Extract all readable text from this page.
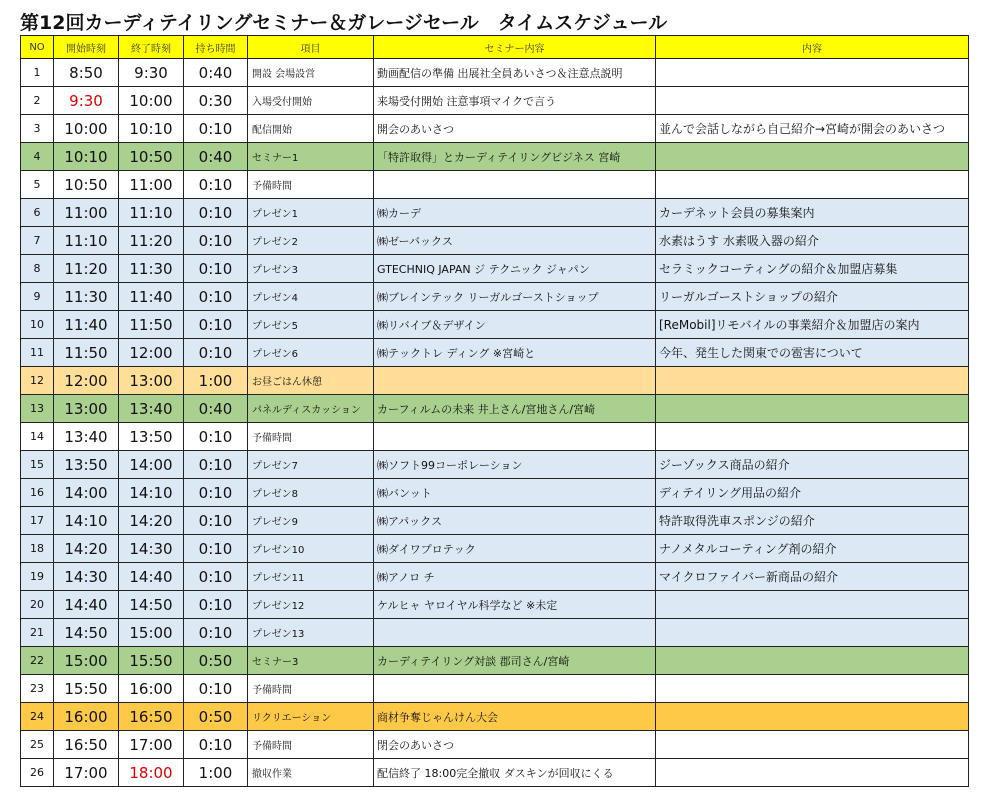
第12回カーディテイリングセミナー＆ガレージセール　タイムスケジュール
NO	開始時刻	終了時刻	持ち時間	項目	セミナー内容	内容
1	8:50	9:30	0:40	開設 会場設営	動画配信の準備 出展社全員あいさつ＆注意点説明	
2	9:30	10:00	0:30	入場受付開始	来場受付開始 注意事項マイクで言う	
3	10:00	10:10	0:10	配信開始	開会のあいさつ	並んで会話しながら自己紹介→宮崎が開会のあいさつ
4	10:10	10:50	0:40	セミナー1	「特許取得」とカーディテイリングビジネス 宮崎	
5	10:50	11:00	0:10	予備時間		
6	11:00	11:10	0:10	プレゼン1	㈱カーデ	カーデネット会員の募集案内
7	11:10	11:20	0:10	プレゼン2	㈱ゼーバックス	水素はうす 水素吸入器の紹介
8	11:20	11:30	0:10	プレゼン3	GTECHNIQ JAPAN ジ テクニック ジャパン	セラミックコーティングの紹介＆加盟店募集
9	11:30	11:40	0:10	プレゼン4	㈱ブレインテック リーガルゴーストショップ	リーガルゴーストショップの紹介
10	11:40	11:50	0:10	プレゼン5	㈱リバイブ＆デザイン	[ReMobil]リモバイルの事業紹介＆加盟店の案内
11	11:50	12:00	0:10	プレゼン6	㈱テックトレ ディング ※宮崎と	今年、発生した関東での雹害について
12	12:00	13:00	1:00	お昼ごはん休憩		
13	13:00	13:40	0:40	パネルディスカッション	カーフィルムの未来 井上さん/宮地さん/宮崎	
14	13:40	13:50	0:10	予備時間		
15	13:50	14:00	0:10	プレゼン7	㈱ソフト99コーポレーション	ジーゾックス商品の紹介
16	14:00	14:10	0:10	プレゼン8	㈱バンット	ディテイリング用品の紹介
17	14:10	14:20	0:10	プレゼン9	㈱アパックス	特許取得洗車スポンジの紹介
18	14:20	14:30	0:10	プレゼン10	㈱ダイワプロテック	ナノメタルコーティング剤の紹介
19	14:30	14:40	0:10	プレゼン11	㈱アノロ チ	マイクロファイバー新商品の紹介
20	14:40	14:50	0:10	プレゼン12	ケルヒャ ヤロイヤル科学など ※未定	
21	14:50	15:00	0:10	プレゼン13		
22	15:00	15:50	0:50	セミナー3	カーディテイリング対談 郡司さん/宮崎	
23	15:50	16:00	0:10	予備時間		
24	16:00	16:50	0:50	リクリエーション	商材争奪じゃんけん大会	
25	16:50	17:00	0:10	予備時間	閉会のあいさつ	
26	17:00	18:00	1:00	撤収作業	配信終了 18:00完全撤収 ダスキンが回収にくる	
